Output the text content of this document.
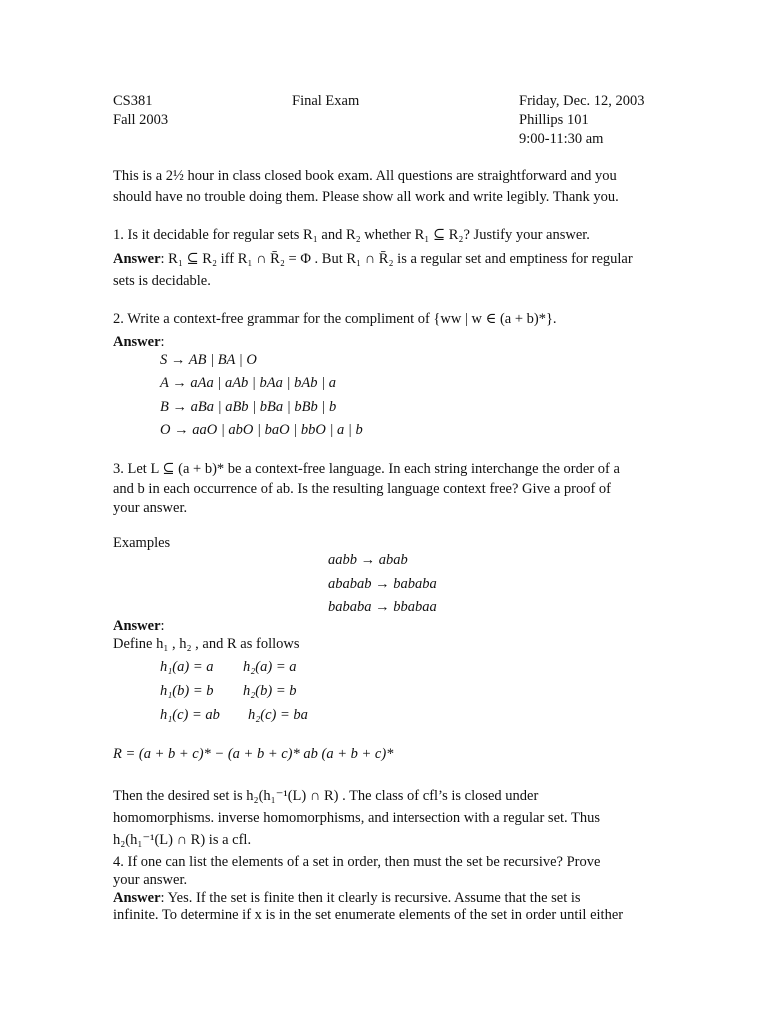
CS381
Fall 2003
Final Exam	Friday, Dec. 12, 2003
Phillips 101
9:00-11:30 am
This is a 2½ hour in class closed book exam. All questions are straightforward and you
should have no trouble doing them. Please show all work and write legibly. Thank you.
1. Is it decidable for regular sets R₁ and R₂ whether R₁ ⊆ R₂? Justify your answer.
Answer: R₁ ⊆ R₂ iff R₁ ∩ R̄₂ = Φ . But R₁ ∩ R̄₂ is a regular set and emptiness for regular
sets is decidable.
2. Write a context-free grammar for the compliment of {ww | w ∈ (a + b)*}.
Answer:
S → AB | BA | O
A → aAa | aAb | bAa | bAb | a
B → aBa | aBb | bBa | bBb | b
O → aaO | abO | baO | bbO | a | b
3. Let L ⊆ (a + b)* be a context-free language. In each string interchange the order of a
and b in each occurrence of ab. Is the resulting language context free? Give a proof of
your answer.
Examples
aabb → abab
ababab → bababa
bababa → bbabaa
Answer:
Define h₁ , h₂ , and R as follows
h₁(a) = a
h₁(b) = b
h₁(c) = ab
h₂(a) = a
h₂(b) = b
h₂(c) = ba
R = (a + b + c)* − (a + b + c)* ab (a + b + c)*
Then the desired set is h₂(h₁⁻¹(L) ∩ R) . The class of cfl’s is closed under
homomorphisms. inverse homomorphisms, and intersection with a regular set. Thus
h₂(h₁⁻¹(L) ∩ R) is a cfl.
4. If one can list the elements of a set in order, then must the set be recursive? Prove
your answer.
Answer: Yes. If the set is finite then it clearly is recursive. Assume that the set is
infinite. To determine if x is in the set enumerate elements of the set in order until either
